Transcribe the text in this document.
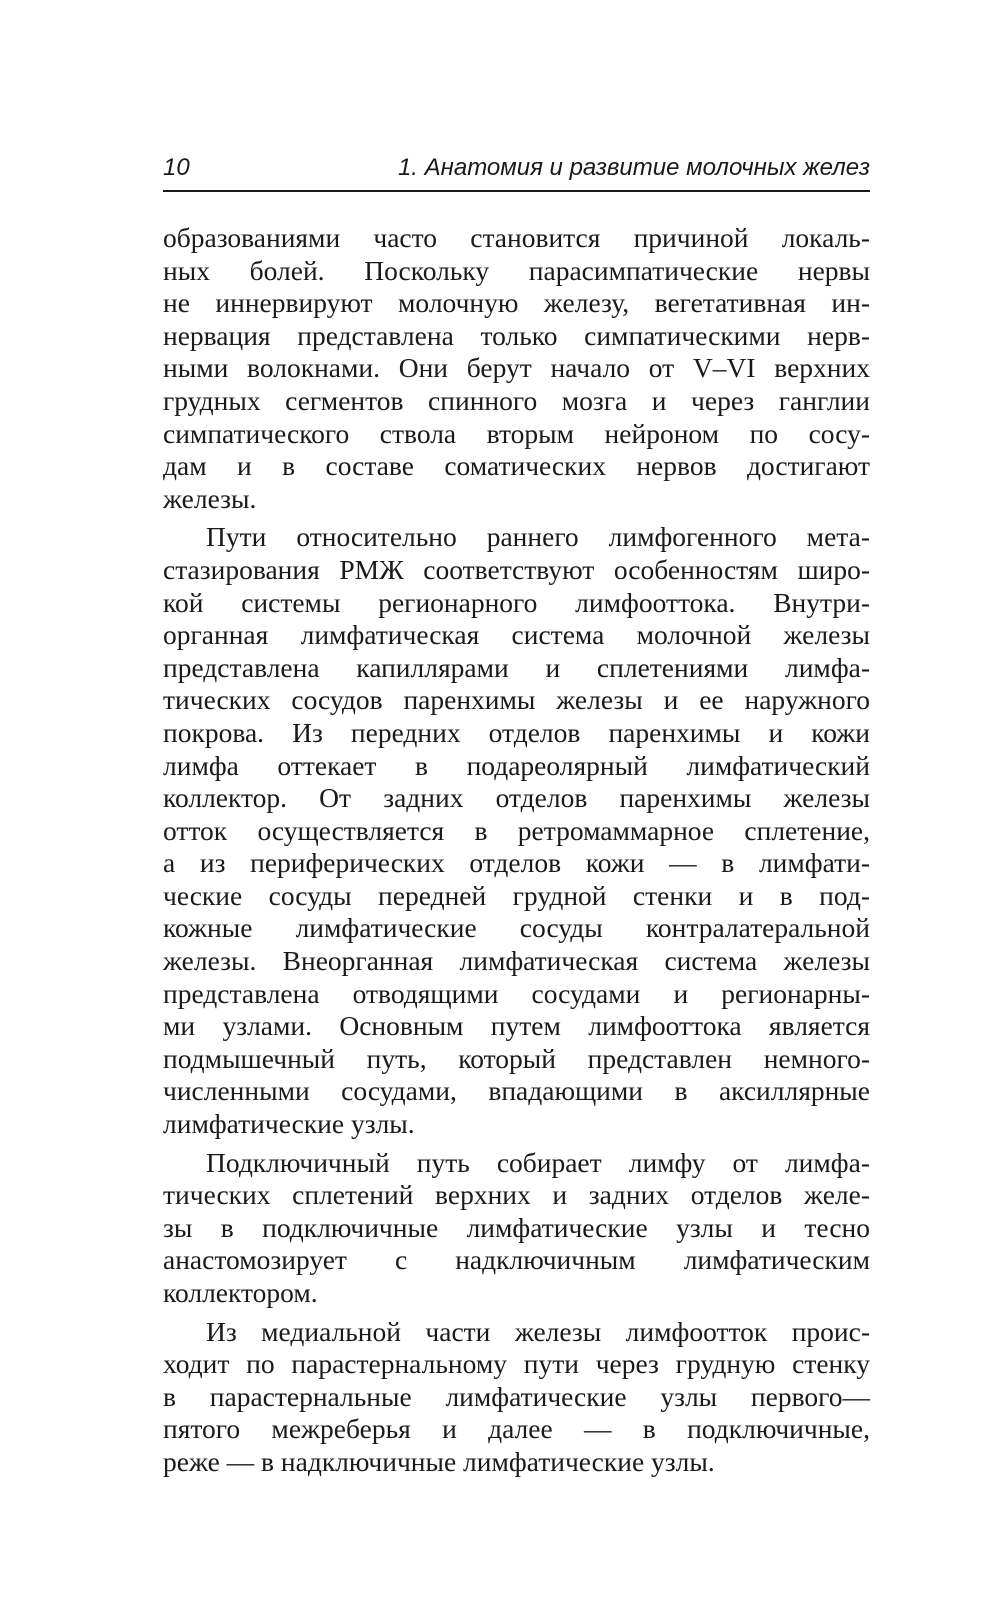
10	1. Анатомия и развитие молочных желез
образованиями часто становится причиной локаль-
ных болей. Поскольку парасимпатические нервы
не иннервируют молочную железу, вегетативная ин-
нервация представлена только симпатическими нерв-
ными волокнами. Они берут начало от V–VI верхних
грудных сегментов спинного мозга и через ганглии
симпатического ствола вторым нейроном по сосу-
дам и в составе соматических нервов достигают
железы.
Пути относительно раннего лимфогенного мета-
стазирования РМЖ соответствуют особенностям широ-
кой системы регионарного лимфооттока. Внутри-
органная лимфатическая система молочной железы
представлена капиллярами и сплетениями лимфа-
тических сосудов паренхимы железы и ее наружного
покрова. Из передних отделов паренхимы и кожи
лимфа оттекает в подареолярный лимфатический
коллектор. От задних отделов паренхимы железы
отток осуществляется в ретромаммарное сплетение,
а из периферических отделов кожи — в лимфати-
ческие сосуды передней грудной стенки и в под-
кожные лимфатические сосуды контралатеральной
железы. Внеорганная лимфатическая система железы
представлена отводящими сосудами и регионарны-
ми узлами. Основным путем лимфооттока является
подмышечный путь, который представлен немного-
численными сосудами, впадающими в аксиллярные
лимфатические узлы.
Подключичный путь собирает лимфу от лимфа-
тических сплетений верхних и задних отделов желе-
зы в подключичные лимфатические узлы и тесно
анастомозирует с надключичным лимфатическим
коллектором.
Из медиальной части железы лимфоотток проис-
ходит по парастернальному пути через грудную стенку
в парастернальные лимфатические узлы первого—
пятого межреберья и далее — в подключичные,
реже — в надключичные лимфатические узлы.
